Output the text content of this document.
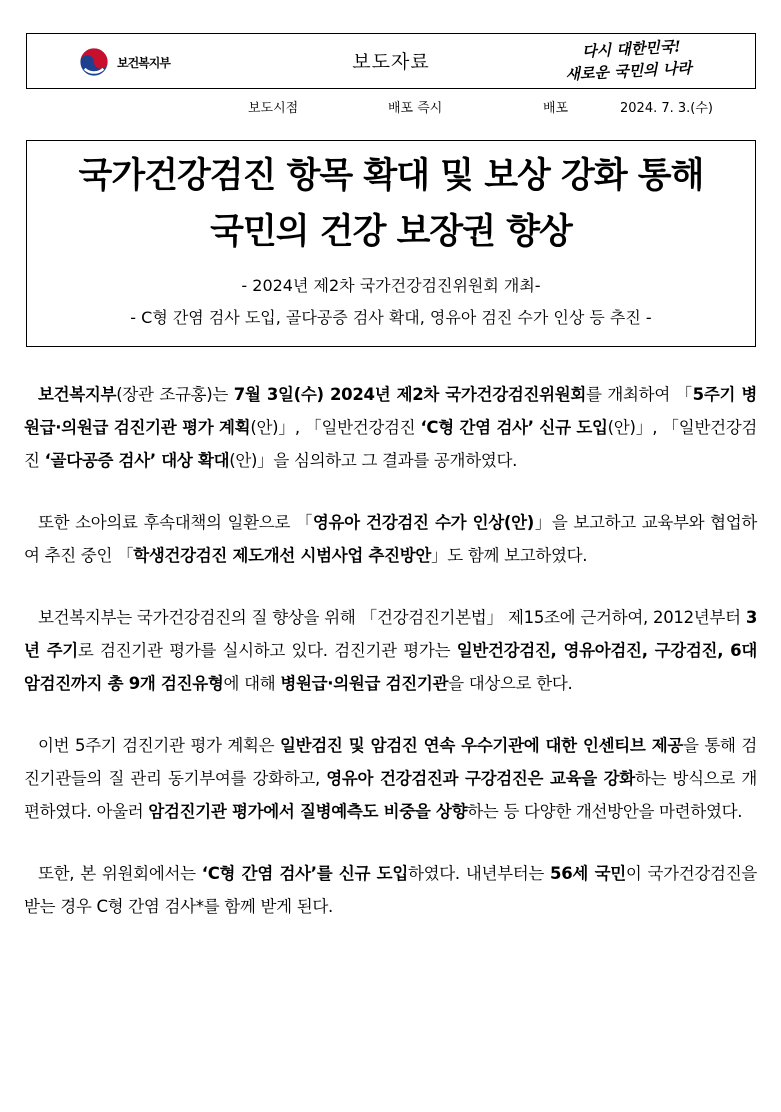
보건복지부	보도자료
다시 대한민국!
새로운 국민의 나라
보도시점	배포 즉시	배포	2024. 7. 3.(수)
국가건강검진 항목 확대 및 보상 강화 통해
국민의 건강 보장권 향상
- 2024년 제2차 국가건강검진위원회 개최-
- C형 간염 검사 도입, 골다공증 검사 확대, 영유아 검진 수가 인상 등 추진 -

보건복지부(장관 조규홍)는 7월 3일(수) 2024년 제2차 국가건강검진위원회를 개최하여 「5주기 병원급·의원급 검진기관 평가 계획(안)」, 「일반건강검진 ‘C형 간염 검사’ 신규 도입(안)」, 「일반건강검진 ‘골다공증 검사’ 대상 확대(안)」을 심의하고 그 결과를 공개하였다.

또한 소아의료 후속대책의 일환으로 「영유아 건강검진 수가 인상(안)」을 보고하고 교육부와 협업하여 추진 중인 「학생건강검진 제도개선 시범사업 추진방안」도 함께 보고하였다.

보건복지부는 국가건강검진의 질 향상을 위해 「건강검진기본법」 제15조에 근거하여, 2012년부터 3년 주기로 검진기관 평가를 실시하고 있다. 검진기관 평가는 일반건강검진, 영유아검진, 구강검진, 6대 암검진까지 총 9개 검진유형에 대해 병원급·의원급 검진기관을 대상으로 한다.

이번 5주기 검진기관 평가 계획은 일반검진 및 암검진 연속 우수기관에 대한 인센티브 제공을 통해 검진기관들의 질 관리 동기부여를 강화하고, 영유아 건강검진과 구강검진은 교육을 강화하는 방식으로 개편하였다. 아울러 암검진기관 평가에서 질병예측도 비중을 상향하는 등 다양한 개선방안을 마련하였다.

또한, 본 위원회에서는 ‘C형 간염 검사’를 신규 도입하였다. 내년부터는 56세 국민이 국가건강검진을 받는 경우 C형 간염 검사*를 함께 받게 된다.
